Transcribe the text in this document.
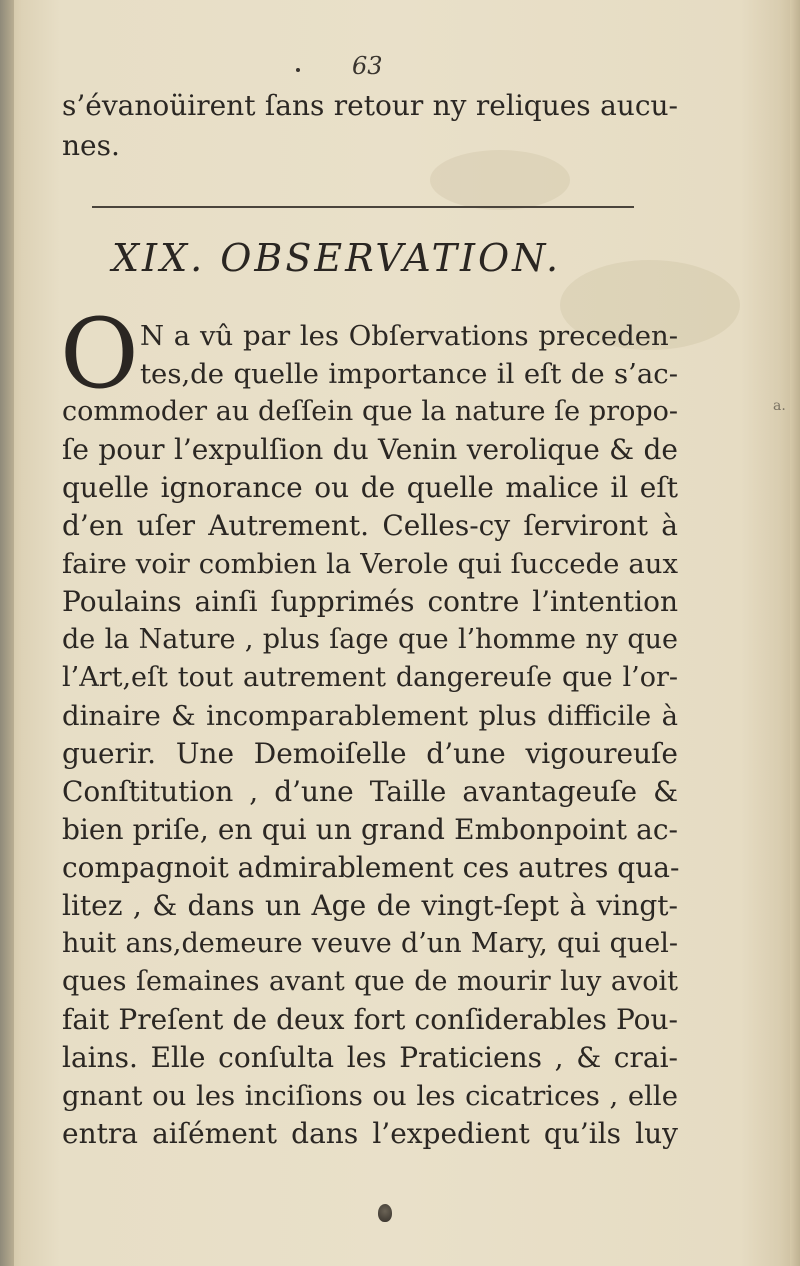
63
s’évanoüirent ſans retour ny reliques aucu-
nes.
XIX. OBSERVATION.
O N a vû par les Obſervations preceden-
tes,de quelle importance il eſt de s’ac-
commoder au deſſein que la nature ſe propo-
ſe pour l’expulſion du Venin verolique & de
quelle ignorance ou de quelle malice il eſt
d’en uſer Autrement. Celles-cy ſerviront à
faire voir combien la Verole qui ſuccede aux
Poulains ainſi ſupprimés contre l’intention
de la Nature , plus ſage que l’homme ny que
l’Art,eſt tout autrement dangereuſe que l’or-
dinaire & incomparablement plus difficile à
guerir. Une Demoiſelle d’une vigoureuſe
Conſtitution , d’une Taille avantageuſe &
bien priſe, en qui un grand Embonpoint ac-
compagnoit admirablement ces autres qua-
litez , & dans un Age de vingt-ſept à vingt-
huit ans,demeure veuve d’un Mary, qui quel-
ques ſemaines avant que de mourir luy avoit
fait Preſent de deux fort conſiderables Pou-
lains. Elle conſulta les Praticiens , & crai-
gnant ou les inciſions ou les cicatrices , elle
entra aiſément dans l’expedient qu’ils luy
a.
